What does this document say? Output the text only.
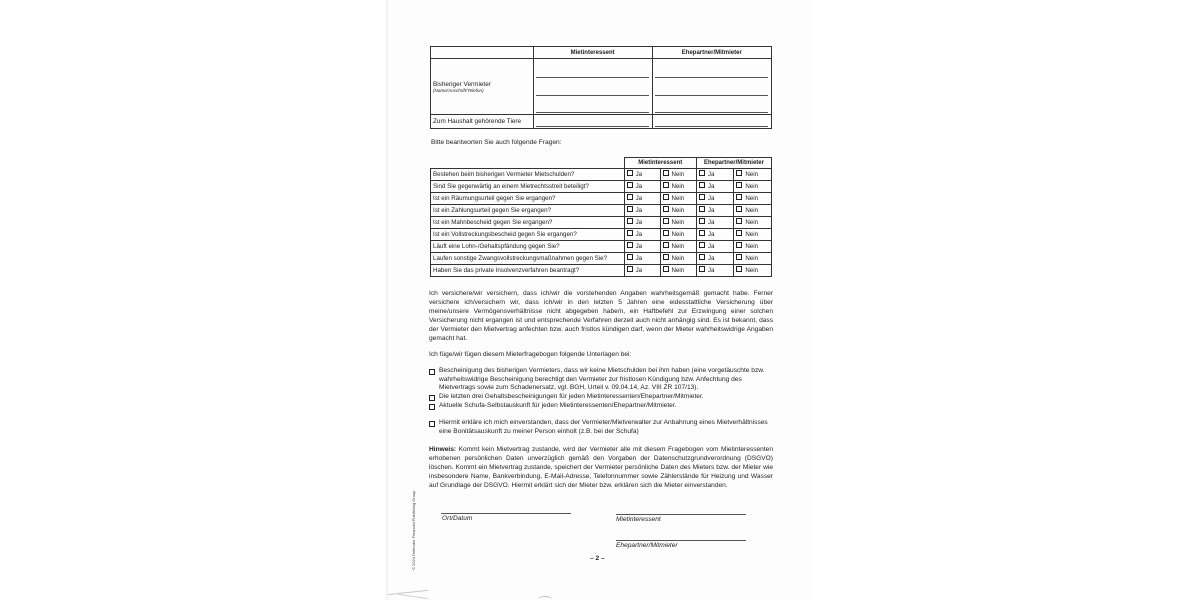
	Mietinteressent	Ehepartner/Mitmieter

Bisheriger Vermieter
(Name/Anschrift/Telefon)		

Zum Haushalt gehörende Tiere	

Bitte beantworten Sie auch folgende Fragen:
	Mietinteressent		Ehepartner/Mitmieter	
Bestehen beim bisherigen Vermieter Mietschulden?	Ja	Nein	Ja	Nein
Sind Sie gegenwärtig an einem Mietrechtsstreit beteiligt?	Ja	Nein	Ja	Nein
Ist ein Räumungsurteil gegen Sie ergangen?	Ja	Nein	Ja	Nein
Ist ein Zahlungsurteil gegen Sie ergangen?	Ja	Nein	Ja	Nein
Ist ein Mahnbescheid gegen Sie ergangen?	Ja	Nein	Ja	Nein
Ist ein Vollstreckungsbescheid gegen Sie ergangen?	Ja	Nein	Ja	Nein
Läuft eine Lohn-/Gehaltspfändung gegen Sie?	Ja	Nein	Ja	Nein
Laufen sonstige Zwangsvollstreckungsmaßnahmen gegen Sie?	Ja	Nein	Ja	Nein
Haben Sie das private Insolvenzverfahren beantragt?	Ja	Nein	Ja	Nein
Ich versichere/wir versichern, dass ich/wir die vorstehenden Angaben wahrheitsgemäß gemacht habe. Ferner versichere ich/versichern wir, dass ich/wir in den letzten 5 Jahren eine eidesstattliche Versicherung über meine/unsere Vermögensverhältnisse nicht abgegeben habe/n, ein Haftbefehl zur Erzwingung einer solchen Versicherung nicht ergangen ist und entsprechende Verfahren derzeit auch nicht anhängig sind. Es ist bekannt, dass der Vermieter den Mietvertrag anfechten bzw. auch fristlos kündigen darf, wenn der Mieter wahrheitswidrige Angaben gemacht hat.
Ich füge/wir fügen diesem Mieterfragebogen folgende Unterlagen bei:
Bescheinigung des bisherigen Vermieters, dass wir keine Mietschulden bei ihm haben (eine vorgetäuschte bzw. wahrheitswidrige Bescheinigung berechtigt den Vermieter zur fristlosen Kündigung bzw. Anfechtung des Mietvertrags sowie zum Schadenersatz, vgl. BGH, Urteil v. 09.04.14, Az. VIII ZR 107/13).
Die letzten drei Gehaltsbescheinigungen für jeden Mietinteressenten/Ehepartner/Mitmieter.
Aktuelle Schufa-Selbstauskunft für jeden Mietinteressenten/Ehepartner/Mitmieter.
Hiermit erkläre ich mich einverstanden, dass der Vermieter/Mietverwalter zur Anbahnung eines Mietverhältnisses eine Bonitätsauskunft zu meiner Person einholt (z.B. bei der Schufa)
Hinweis: Kommt kein Mietvertrag zustande, wird der Vermieter alle mit diesem Fragebogen vom Mietinteressenten erhobenen persönlichen Daten unverzüglich gemäß den Vorgaben der Datenschutzgrundverordnung (DSGVO) löschen. Kommt ein Mietvertrag zustande, speichert der Vermieter persönliche Daten des Mieters bzw. der Mieter wie insbesondere Name, Bankverbindung, E-Mail-Adresse, Telefonnummer sowie Zählerstände für Heizung und Wasser auf Grundlage der DSGVO. Hiermit erklärt sich der Mieter bzw. erklären sich die Mieter einverstanden.
Ort/Datum	Mietinteressent
Ehepartner/Mitmieter
© 2024 Defender Financial Publishing Group	– 2 –
